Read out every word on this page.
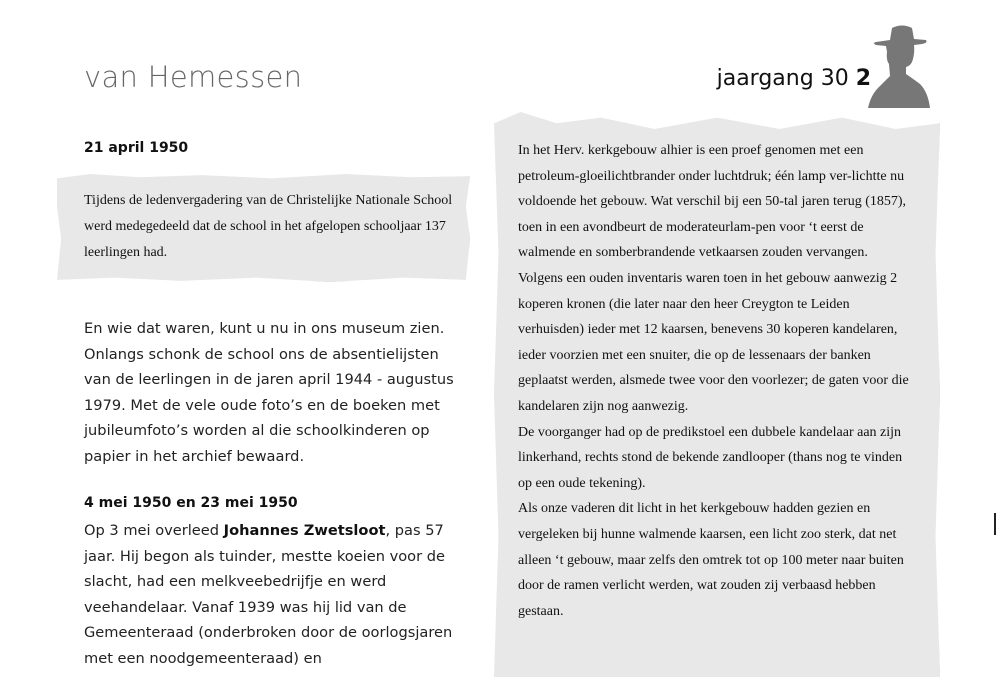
van Hemessen	jaargang 30 2
21 april 1950
Tijdens de ledenvergadering van de Christelijke Nationale School werd medegedeeld dat de school in het afgelopen schooljaar 137 leerlingen had.
En wie dat waren, kunt u nu in ons museum zien. Onlangs schonk de school ons de absentielijsten van de leerlingen in de jaren april 1944 - augustus 1979. Met de vele oude foto’s en de boeken met jubileumfoto’s worden al die schoolkinderen op papier in het archief bewaard.
4 mei 1950 en 23 mei 1950
Op 3 mei overleed Johannes Zwetsloot, pas 57 jaar. Hij begon als tuinder, mestte koeien voor de slacht, had een melkveebedrijfje en werd veehandelaar. Vanaf 1939 was hij lid van de Gemeenteraad (onderbroken door de oorlogsjaren met een noodgemeenteraad) en

In het Herv. kerkgebouw alhier is een proef genomen met een petroleum-gloeilichtbrander onder luchtdruk; één lamp ver-lichtte nu voldoende het gebouw. Wat verschil bij een 50-tal jaren terug (1857), toen in een avondbeurt de moderateurlam-pen voor ‘t eerst de walmende en somberbrandende vetkaarsen zouden vervangen.

Volgens een ouden inventaris waren toen in het gebouw aanwezig 2 koperen kronen (die later naar den heer Creygton te Leiden verhuisden) ieder met 12 kaarsen, benevens 30 koperen kandelaren, ieder voorzien met een snuiter, die op de lessenaars der banken geplaatst werden, alsmede twee voor den voorlezer; de gaten voor die kandelaren zijn nog aanwezig.

De voorganger had op de predikstoel een dubbele kandelaar aan zijn linkerhand, rechts stond de bekende zandlooper (thans nog te vinden op een oude tekening).

Als onze vaderen dit licht in het kerkgebouw hadden gezien en vergeleken bij hunne walmende kaarsen, een licht zoo sterk, dat net alleen ‘t gebouw, maar zelfs den omtrek tot op 100 meter naar buiten door de ramen verlicht werden, wat zouden zij verbaasd hebben gestaan.
